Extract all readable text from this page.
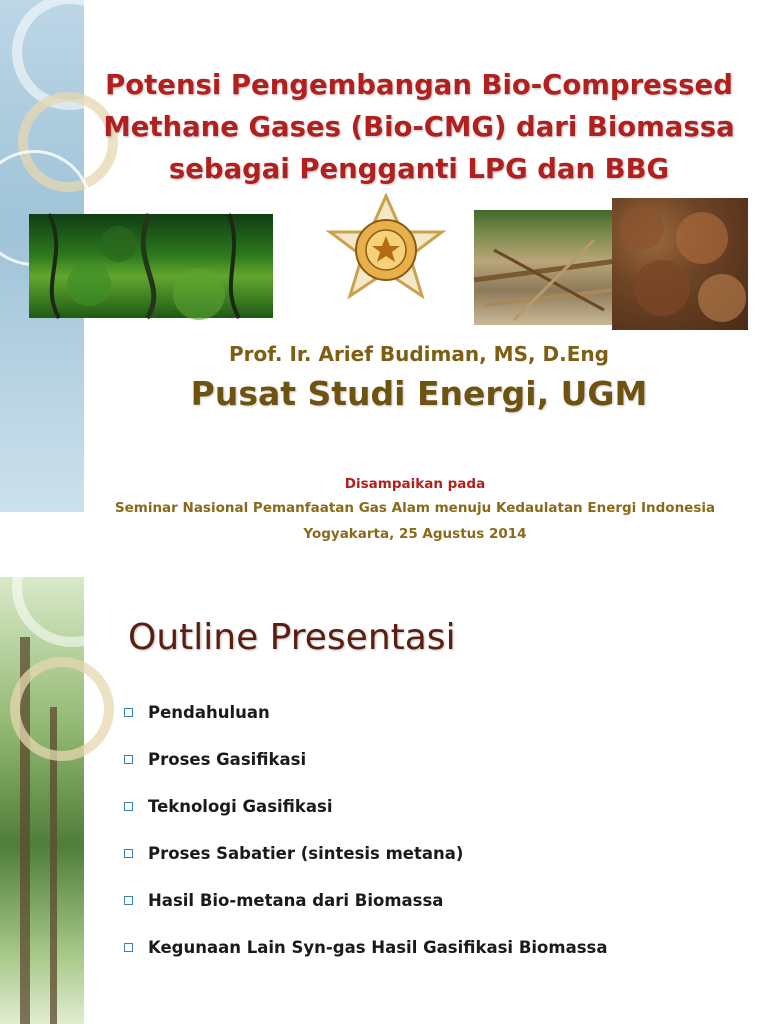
Potensi Pengembangan Bio-Compressed
Methane Gases (Bio-CMG) dari Biomassa
sebagai Pengganti LPG dan BBG
Prof. Ir. Arief Budiman, MS, D.Eng
Pusat Studi Energi, UGM
Disampaikan pada
Seminar Nasional Pemanfaatan Gas Alam menuju Kedaulatan Energi Indonesia
Yogyakarta, 25 Agustus 2014
Outline Presentasi
Pendahuluan
Proses Gasifikasi
Teknologi Gasifikasi
Proses Sabatier (sintesis metana)
Hasil Bio-metana dari Biomassa
Kegunaan Lain Syn-gas Hasil Gasifikasi Biomassa
